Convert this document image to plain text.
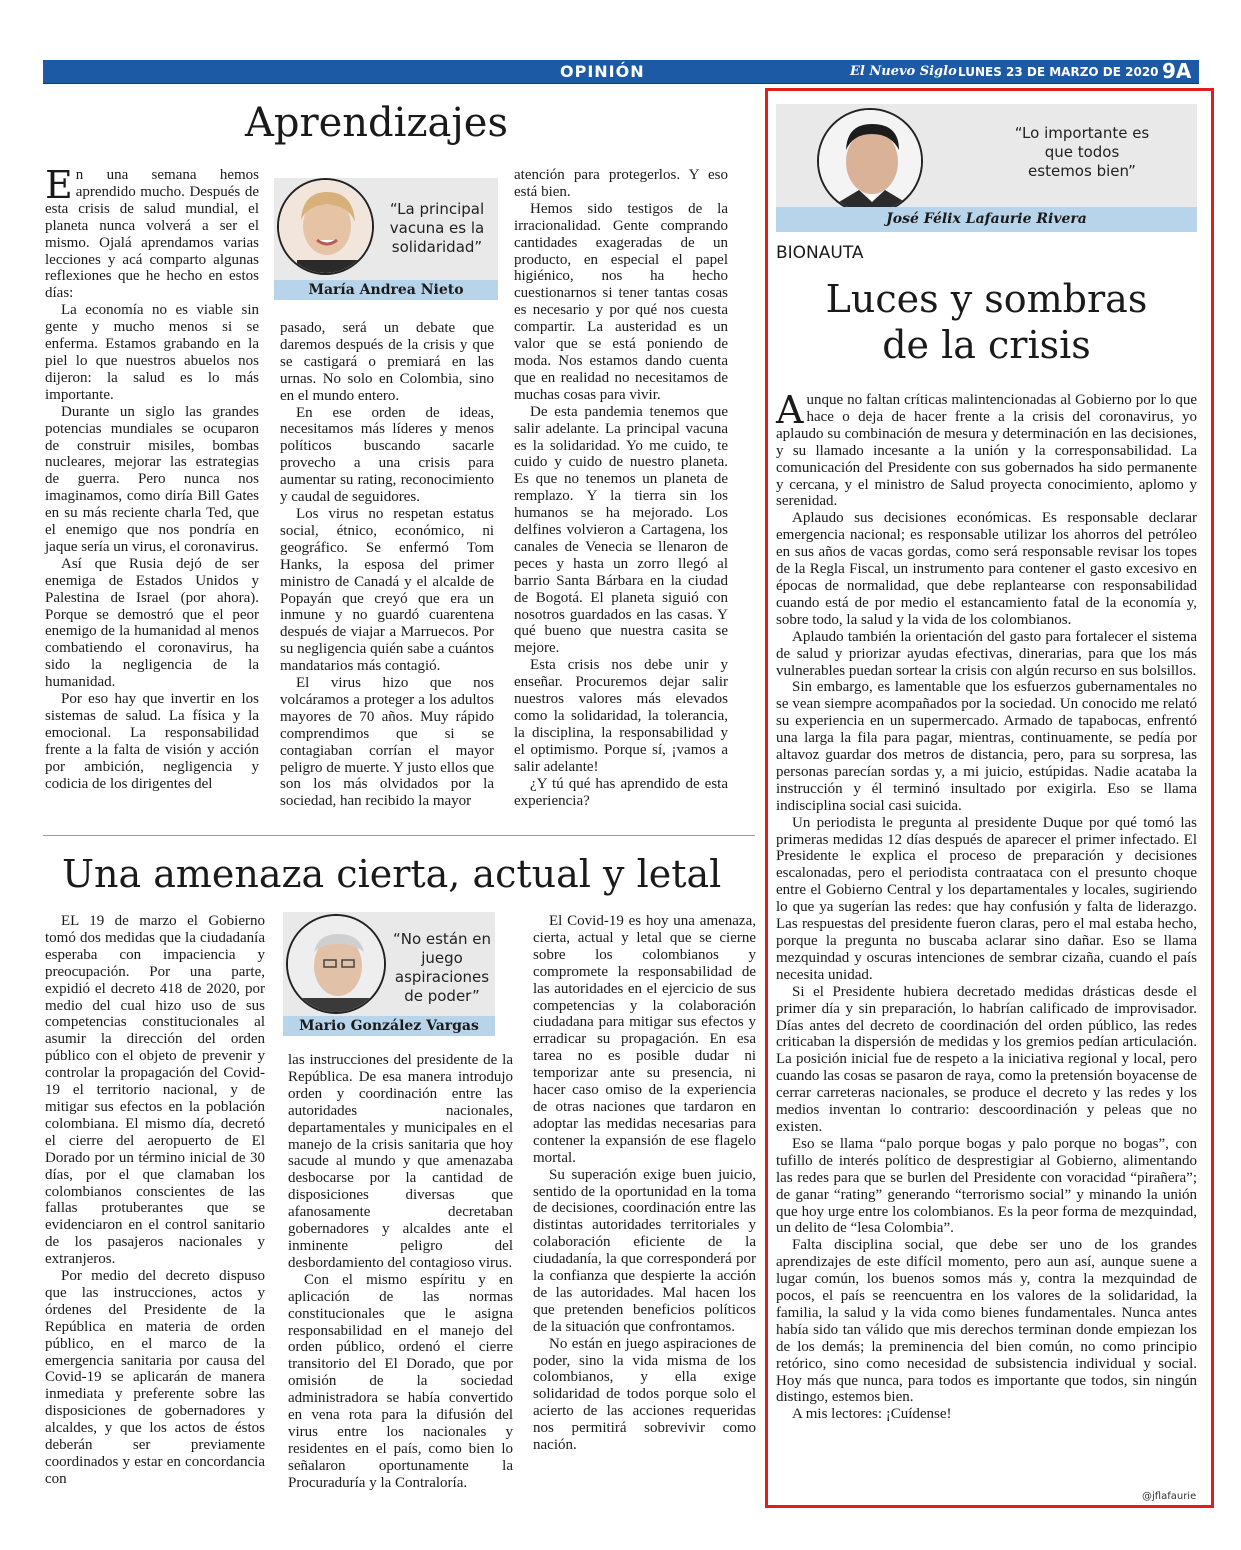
OPINIÓN	El Nuevo Siglo LUNES 23 DE MARZO DE 2020 9A
Aprendizajes

En una semana hemos aprendido mucho. Después de esta crisis de salud mundial, el planeta nunca volverá a ser el mismo. Ojalá aprendamos varias lecciones y acá comparto algunas reflexiones que he hecho en estos días:

La economía no es viable sin gente y mucho menos si se enferma. Estamos grabando en la piel lo que nuestros abuelos nos dijeron: la salud es lo más importante.

Durante un siglo las grandes potencias mundiales se ocuparon de construir misiles, bombas nucleares, mejorar las estrategias de guerra. Pero nunca nos imaginamos, como diría Bill Gates en su más reciente charla Ted, que el enemigo que nos pondría en jaque sería un virus, el coronavirus.

Así que Rusia dejó de ser enemiga de Estados Unidos y Palestina de Israel (por ahora). Porque se demostró que el peor enemigo de la humanidad al menos combatiendo el coronavirus, ha sido la negligencia de la humanidad.

Por eso hay que invertir en los sistemas de salud. La física y la emocional. La responsabilidad frente a la falta de visión y acción por ambición, negligencia y codicia de los dirigentes del

“La principal vacuna es la solidaridad”
María Andrea Nieto

pasado, será un debate que daremos después de la crisis y que se castigará o premiará en las urnas. No solo en Colombia, sino en el mundo entero.

En ese orden de ideas, necesitamos más líderes y menos políticos buscando sacarle provecho a una crisis para aumentar su rating, reconocimiento y caudal de seguidores.

Los virus no respetan estatus social, étnico, económico, ni geográfico. Se enfermó Tom Hanks, la esposa del primer ministro de Canadá y el alcalde de Popayán que creyó que era un inmune y no guardó cuarentena después de viajar a Marruecos. Por su negligencia quién sabe a cuántos mandatarios más contagió.

El virus hizo que nos volcáramos a proteger a los adultos mayores de 70 años. Muy rápido comprendimos que si se contagiaban corrían el mayor peligro de muerte. Y justo ellos que son los más olvidados por la sociedad, han recibido la mayor

atención para protegerlos. Y eso está bien.

Hemos sido testigos de la irracionalidad. Gente comprando cantidades exageradas de un producto, en especial el papel higiénico, nos ha hecho cuestionarnos si tener tantas cosas es necesario y por qué nos cuesta compartir. La austeridad es un valor que se está poniendo de moda. Nos estamos dando cuenta que en realidad no necesitamos de muchas cosas para vivir.

De esta pandemia tenemos que salir adelante. La principal vacuna es la solidaridad. Yo me cuido, te cuido y cuido de nuestro planeta. Es que no tenemos un planeta de remplazo. Y la tierra sin los humanos se ha mejorado. Los delfines volvieron a Cartagena, los canales de Venecia se llenaron de peces y hasta un zorro llegó al barrio Santa Bárbara en la ciudad de Bogotá. El planeta siguió con nosotros guardados en las casas. Y qué bueno que nuestra casita se mejore.

Esta crisis nos debe unir y enseñar. Procuremos dejar salir nuestros valores más elevados como la solidaridad, la tolerancia, la disciplina, la responsabilidad y el optimismo. Porque sí, ¡vamos a salir adelante!

¿Y tú qué has aprendido de esta experiencia?

Una amenaza cierta, actual y letal

EL 19 de marzo el Gobierno tomó dos medidas que la ciudadanía esperaba con impaciencia y preocupación. Por una parte, expidió el decreto 418 de 2020, por medio del cual hizo uso de sus competencias constitucionales al asumir la dirección del orden público con el objeto de prevenir y controlar la propagación del Covid-19 el territorio nacional, y de mitigar sus efectos en la población colombiana. El mismo día, decretó el cierre del aeropuerto de El Dorado por un término inicial de 30 días, por el que clamaban los colombianos conscientes de las fallas protuberantes que se evidenciaron en el control sanitario de los pasajeros nacionales y extranjeros.

Por medio del decreto dispuso que las instrucciones, actos y órdenes del Presidente de la República en materia de orden público, en el marco de la emergencia sanitaria por causa del Covid-19 se aplicarán de manera inmediata y preferente sobre las disposiciones de gobernadores y alcaldes, y que los actos de éstos deberán ser previamente coordinados y estar en concordancia con

“No están en juego aspiraciones de poder”
Mario González Vargas

las instrucciones del presidente de la República. De esa manera introdujo orden y coordinación entre las autoridades nacionales, departamentales y municipales en el manejo de la crisis sanitaria que hoy sacude al mundo y que amenazaba desbocarse por la cantidad de disposiciones diversas que afanosamente decretaban gobernadores y alcaldes ante el inminente peligro del desbordamiento del contagioso virus.

Con el mismo espíritu y en aplicación de las normas constitucionales que le asigna responsabilidad en el manejo del orden público, ordenó el cierre transitorio del El Dorado, que por omisión de la sociedad administradora se había convertido en vena rota para la difusión del virus entre los nacionales y residentes en el país, como bien lo señalaron oportunamente la Procuraduría y la Contraloría.

El Covid-19 es hoy una amenaza, cierta, actual y letal que se cierne sobre los colombianos y compromete la responsabilidad de las autoridades en el ejercicio de sus competencias y la colaboración ciudadana para mitigar sus efectos y erradicar su propagación. En esa tarea no es posible dudar ni temporizar ante su presencia, ni hacer caso omiso de la experiencia de otras naciones que tardaron en adoptar las medidas necesarias para contener la expansión de ese flagelo mortal.

Su superación exige buen juicio, sentido de la oportunidad en la toma de decisiones, coordinación entre las distintas autoridades territoriales y colaboración eficiente de la ciudadanía, la que corresponderá por la confianza que despierte la acción de las autoridades. Mal hacen los que pretenden beneficios políticos de la situación que confrontamos.

No están en juego aspiraciones de poder, sino la vida misma de los colombianos, y ella exige solidaridad de todos porque solo el acierto de las acciones requeridas nos permitirá sobrevivir como nación.

“Lo importante es que todos estemos bien”
José Félix Lafaurie Rivera
BIONAUTA
Luces y sombras
de la crisis

Aunque no faltan críticas malintencionadas al Gobierno por lo que hace o deja de hacer frente a la crisis del coronavirus, yo aplaudo su combinación de mesura y determinación en las decisiones, y su llamado incesante a la unión y la corresponsabilidad. La comunicación del Presidente con sus gobernados ha sido permanente y cercana, y el ministro de Salud proyecta conocimiento, aplomo y serenidad.

Aplaudo sus decisiones económicas. Es responsable declarar emergencia nacional; es responsable utilizar los ahorros del petróleo en sus años de vacas gordas, como será responsable revisar los topes de la Regla Fiscal, un instrumento para contener el gasto excesivo en épocas de normalidad, que debe replantearse con responsabilidad cuando está de por medio el estancamiento fatal de la economía y, sobre todo, la salud y la vida de los colombianos.

Aplaudo también la orientación del gasto para fortalecer el sistema de salud y priorizar ayudas efectivas, dinerarias, para que los más vulnerables puedan sortear la crisis con algún recurso en sus bolsillos.

Sin embargo, es lamentable que los esfuerzos gubernamentales no se vean siempre acompañados por la sociedad. Un conocido me relató su experiencia en un supermercado. Armado de tapabocas, enfrentó una larga la fila para pagar, mientras, continuamente, se pedía por altavoz guardar dos metros de distancia, pero, para su sorpresa, las personas parecían sordas y, a mi juicio, estúpidas. Nadie acataba la instrucción y él terminó insultado por exigirla. Eso se llama indisciplina social casi suicida.

Un periodista le pregunta al presidente Duque por qué tomó las primeras medidas 12 días después de aparecer el primer infectado. El Presidente le explica el proceso de preparación y decisiones escalonadas, pero el periodista contraataca con el presunto choque entre el Gobierno Central y los departamentales y locales, sugiriendo lo que ya sugerían las redes: que hay confusión y falta de liderazgo. Las respuestas del presidente fueron claras, pero el mal estaba hecho, porque la pregunta no buscaba aclarar sino dañar. Eso se llama mezquindad y oscuras intenciones de sembrar cizaña, cuando el país necesita unidad.

Si el Presidente hubiera decretado medidas drásticas desde el primer día y sin preparación, lo habrían calificado de improvisador. Días antes del decreto de coordinación del orden público, las redes criticaban la dispersión de medidas y los gremios pedían articulación. La posición inicial fue de respeto a la iniciativa regional y local, pero cuando las cosas se pasaron de raya, como la pretensión boyacense de cerrar carreteras nacionales, se produce el decreto y las redes y los medios inventan lo contrario: descoordinación y peleas que no existen.

Eso se llama “palo porque bogas y palo porque no bogas”, con tufillo de interés político de desprestigiar al Gobierno, alimentando las redes para que se burlen del Presidente con voracidad “pirañera”; de ganar “rating” generando “terrorismo social” y minando la unión que hoy urge entre los colombianos. Es la peor forma de mezquindad, un delito de “lesa Colombia”.

Falta disciplina social, que debe ser uno de los grandes aprendizajes de este difícil momento, pero aun así, aunque suene a lugar común, los buenos somos más y, contra la mezquindad de pocos, el país se reencuentra en los valores de la solidaridad, la familia, la salud y la vida como bienes fundamentales. Nunca antes había sido tan válido que mis derechos terminan donde empiezan los de los demás; la preminencia del bien común, no como principio retórico, sino como necesidad de subsistencia individual y social. Hoy más que nunca, para todos es importante que todos, sin ningún distingo, estemos bien.

A mis lectores: ¡Cuídense!

@jflafaurie
